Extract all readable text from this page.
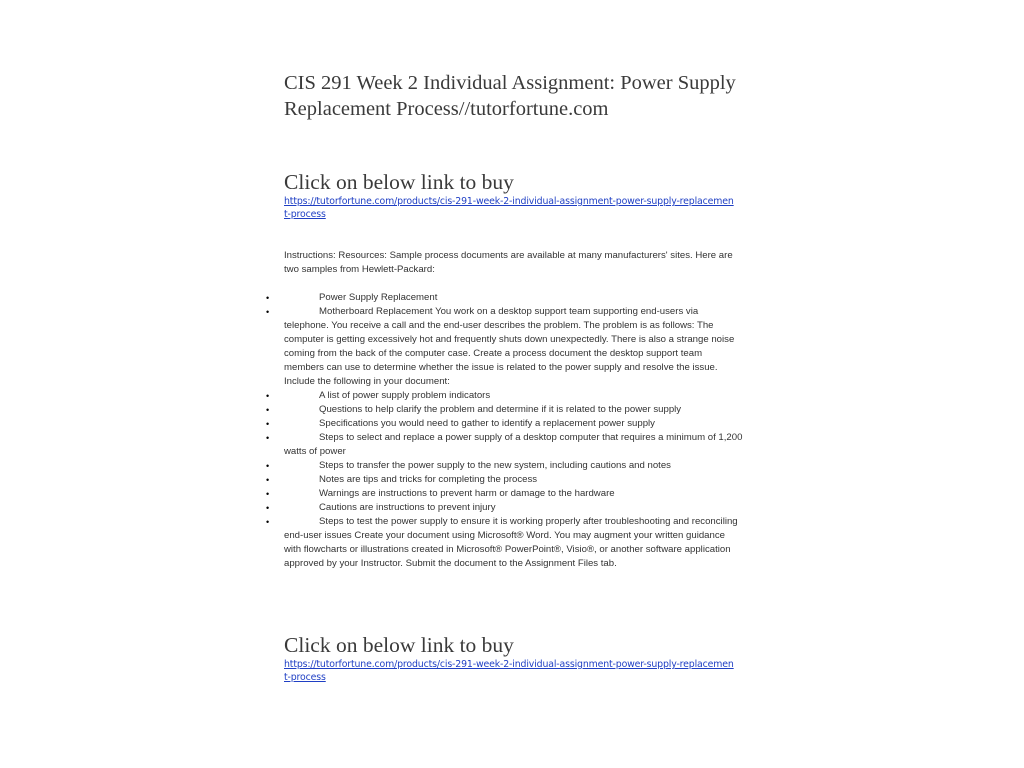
CIS 291 Week 2 Individual Assignment: Power Supply Replacement Process//tutorfortune.com
Click on below link to buy
https://tutorfortune.com/products/cis-291-week-2-individual-assignment-power-supply-replacement-process

Instructions: Resources: Sample process documents are available at many manufacturers' sites. Here are two samples from Hewlett-Packard:

•	Power Supply Replacement

•	Motherboard Replacement You work on a desktop support team supporting end-users via telephone. You receive a call and the end-user describes the problem. The problem is as follows: The computer is getting excessively hot and frequently shuts down unexpectedly. There is also a strange noise coming from the back of the computer case. Create a process document the desktop support team members can use to determine whether the issue is related to the power supply and resolve the issue. Include the following in your document:

•	A list of power supply problem indicators

•	Questions to help clarify the problem and determine if it is related to the power supply

•	Specifications you would need to gather to identify a replacement power supply

•	Steps to select and replace a power supply of a desktop computer that requires a minimum of 1,200 watts of power

•	Steps to transfer the power supply to the new system, including cautions and notes

•	Notes are tips and tricks for completing the process

•	Warnings are instructions to prevent harm or damage to the hardware

•	Cautions are instructions to prevent injury

•	Steps to test the power supply to ensure it is working properly after troubleshooting and reconciling end-user issues Create your document using Microsoft® Word. You may augment your written guidance with flowcharts or illustrations created in Microsoft® PowerPoint®, Visio®, or another software application approved by your Instructor. Submit the document to the Assignment Files tab.

Click on below link to buy
https://tutorfortune.com/products/cis-291-week-2-individual-assignment-power-supply-replacement-process
